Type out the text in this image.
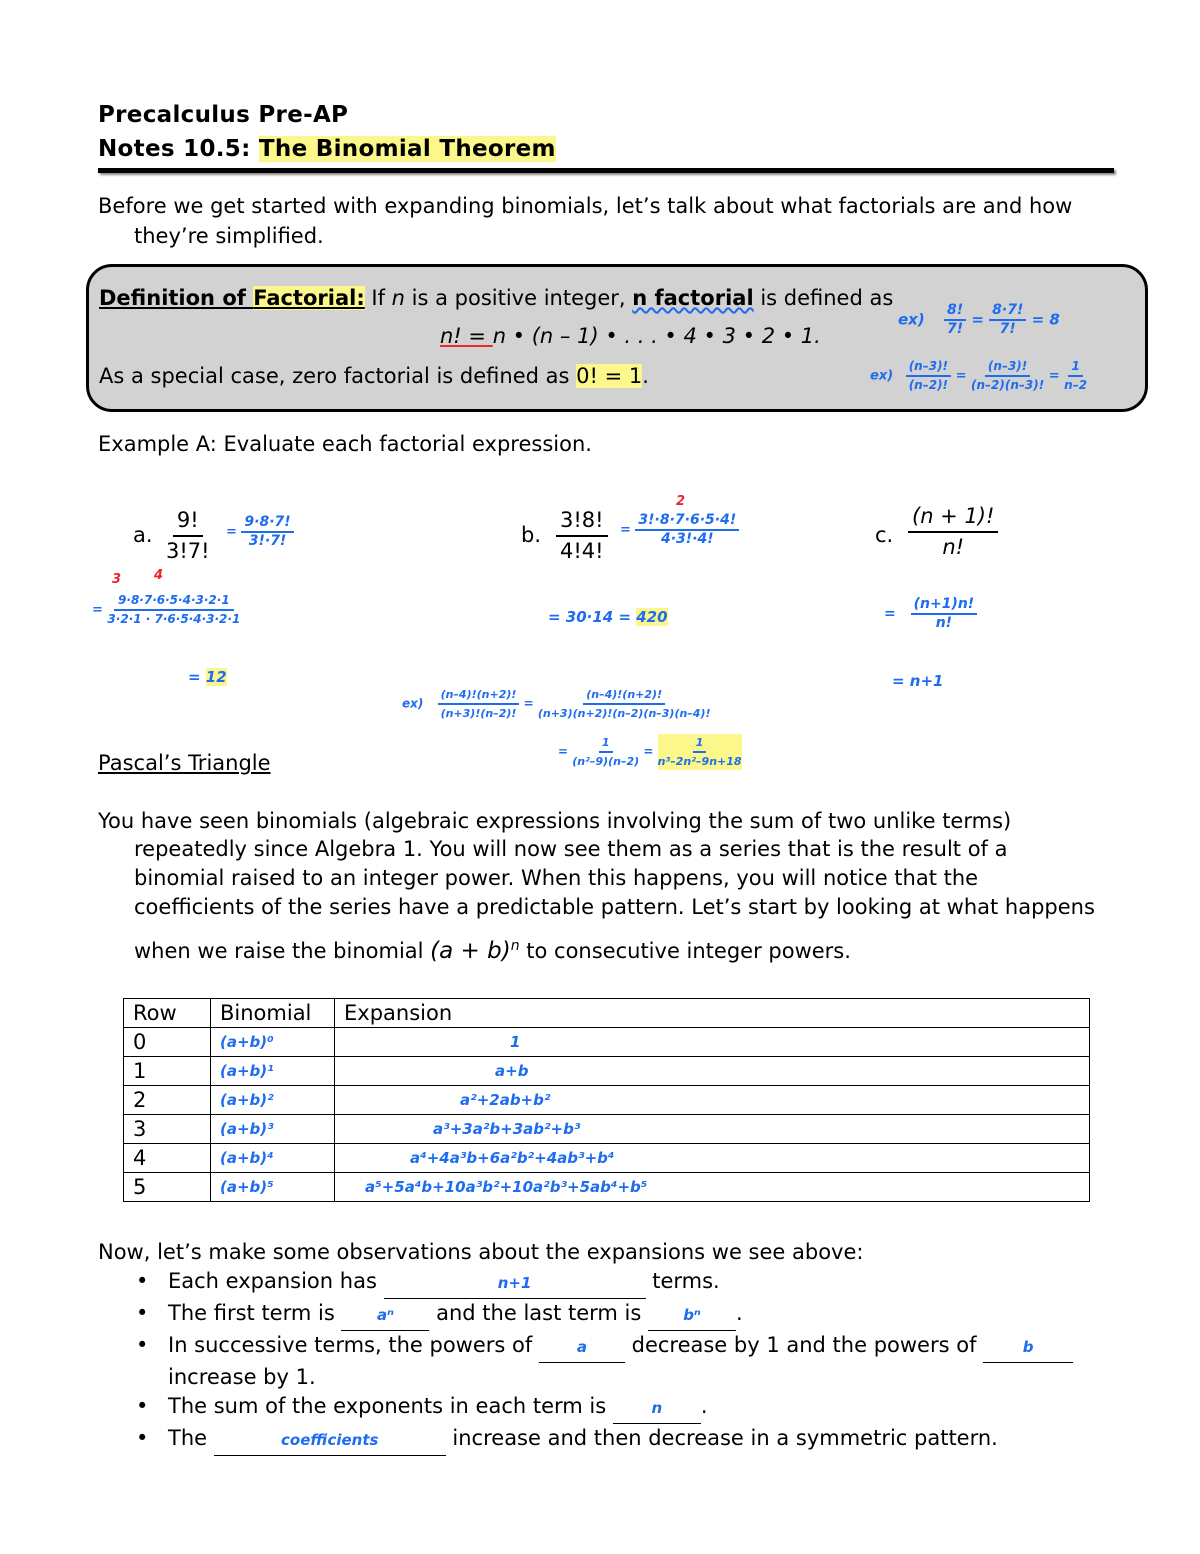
Precalculus Pre-AP
Notes 10.5: The Binomial Theorem
Before we get started with expanding binomials, let’s talk about what factorials are and how
they’re simplified.
Definition of Factorial: If n is a positive integer, n factorial is defined as
n! = n • (n – 1) • . . . • 4 • 3 • 2 • 1.
As a special case, zero factorial is defined as 0! = 1.
$ex) \frac{8!}{7!} = \frac{8\cdot 7!}{7!} = 8$
$ex) \frac{(n-3)!}{(n-2)!} = \frac{(n-3)!}{(n-2)(n-3)!} = \frac{1}{n-2}$
Example A: Evaluate each factorial expression.
a. $\frac{9!}{3!7!} = \frac{9\cdot 8\cdot 7!}{3!\cdot 7!}$
3	4
= $\frac{9\cdot 8\cdot 7\cdot 6\cdot 5\cdot 4\cdot 3\cdot 2\cdot 1}{3\cdot 2\cdot 1 \cdot 7\cdot 6\cdot 5\cdot 4\cdot 3\cdot 2\cdot 1}$
= 12
b. $\frac{3!8!}{4!4!}$
2
= $\frac{3!\cdot 8\cdot 7\cdot 6\cdot 5\cdot 4!}{4\cdot 3!\cdot 4!}$
= 30·14 = 420
$ex) \frac{(n-4)!(n+2)!}{(n+3)!(n-2)!} = \frac{(n-4)!(n+2)!}{(n+3)(n+2)!(n-2)(n-3)(n-4)!}$
= $\frac{1}{\text{(n²–9)(n–2)}} = \frac{1}{\text{n³–2n²–9n+18}}$
c. $\frac{(n + 1)!}{n!}$
= $\frac{(n+1)n!}{n!}$
= n+1
Pascal’s Triangle
You have seen binomials (algebraic expressions involving the sum of two unlike terms)
repeatedly since Algebra 1. You will now see them as a series that is the result of a
binomial raised to an integer power. When this happens, you will notice that the
coefficients of the series have a predictable pattern. Let’s start by looking at what happens
when we raise the binomial $(a + b)^n$ to consecutive integer powers.
Row	Binomial	Expansion
0	(a+b)⁰	1
1	(a+b)¹	a+b
2	(a+b)²	a²+2ab+b²
3	(a+b)³	a³+3a²b+3ab²+b³
4	(a+b)⁴	a⁴+4a³b+6a²b²+4ab³+b⁴
5	(a+b)⁵	a⁵+5a⁴b+10a³b²+10a²b³+5ab⁴+b⁵
Now, let’s make some observations about the expansions we see above:
• Each expansion has	n+1	terms.
• The first term is aⁿ and the last term is bⁿ .
• In successive terms, the powers of	a decrease by 1 and the powers of	b
increase by 1.
• The sum of the exponents in each term is	n .
• The	coefficients	increase and then decrease in a symmetric pattern.
